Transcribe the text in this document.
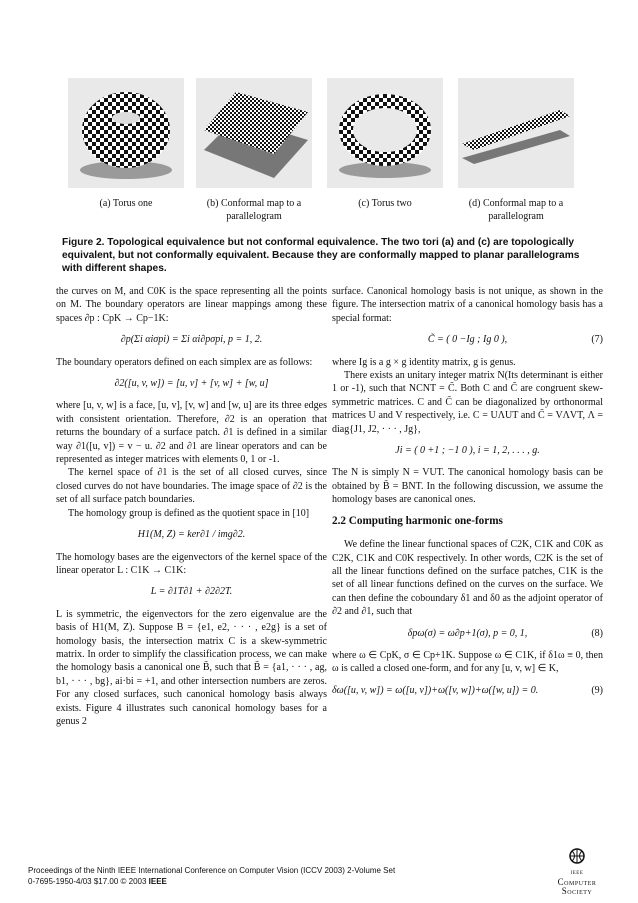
(a) Torus one	(b) Conformal map to a parallelogram
(c) Torus two	(d) Conformal map to a parallelogram
Figure 2. Topological equivalence but not conformal equivalence. The two tori (a) and (c) are topologically equivalent, but not conformally equivalent. Because they are conformally mapped to planar parallelograms with different shapes.

the curves on M, and C0K is the space representing all the points on M. The boundary operators are linear mappings among these spaces ∂p : CpK → Cp−1K:

∂p(Σi αiσpi) = Σi αi∂pσpi, p = 1, 2.

The boundary operators defined on each simplex are as follows:

∂2([u, v, w]) = [u, v] + [v, w] + [w, u]

where [u, v, w] is a face, [u, v], [v, w] and [w, u] are its three edges with consistent orientation. Therefore, ∂2 is an operation that returns the boundary of a surface patch. ∂1 is defined in a similar way ∂1([u, v]) = v − u. ∂2 and ∂1 are linear operators and can be represented as integer matrices with elements 0, 1 or -1.

The kernel space of ∂1 is the set of all closed curves, since closed curves do not have boundaries. The image space of ∂2 is the set of all surface patch boundaries.

The homology group is defined as the quotient space in [10]

H1(M, Z) = ker∂1 / img∂2.

The homology bases are the eigenvectors of the kernel space of the linear operator L : C1K → C1K:

L = ∂1T∂1 + ∂2∂2T.

L is symmetric, the eigenvectors for the zero eigenvalue are the basis of H1(M, Z). Suppose B = {e1, e2, · · · , e2g} is a set of homology basis, the intersection matrix C is a skew-symmetric matrix. In order to simplify the classification process, we can make the homology basis a canonical one B̃, such that B̃ = {a1, · · · , ag, b1, · · · , bg}, ai·bi = +1, and other intersection numbers are zeros. For any closed surfaces, such canonical homology basis always exists. Figure 4 illustrates such canonical homology bases for a genus 2

surface. Canonical homology basis is not unique, as shown in the figure. The intersection matrix of a canonical homology basis has a special format:

C̃ = ( 0 −Ig ; Ig 0 ),	(7)

where Ig is a g × g identity matrix, g is genus.

There exists an unitary integer matrix N(Its determinant is either 1 or -1), such that NCNT = C̃. Both C and C̃ are congruent skew-symmetric matrices. C and C̃ can be diagonalized by orthonormal matrices U and V respectively, i.e. C = UΛUT and C̃ = VΛVT, Λ = diag{J1, J2, · · · , Jg},

Ji = ( 0 +1 ; −1 0 ), i = 1, 2, . . . , g.

The N is simply N = VUT. The canonical homology basis can be obtained by B̃ = BNT. In the following discussion, we assume the homology bases are canonical ones.

2.2 Computing harmonic one-forms

We define the linear functional spaces of C2K, C1K and C0K as C2K, C1K and C0K respectively. In other words, C2K is the set of all the linear functions defined on the surface patches, C1K is the set of all linear functions defined on the curves on the surface. We can then define the coboundary δ1 and δ0 as the adjoint operator of ∂2 and ∂1, such that

δpω(σ) = ω∂p+1(σ), p = 0, 1,	(8)

where ω ∈ CpK, σ ∈ Cp+1K. Suppose ω ∈ C1K, if δ1ω ≡ 0, then ω is called a closed one-form, and for any [u, v, w] ∈ K,

δω([u, v, w]) = ω([u, v])+ω([v, w])+ω([w, u]) = 0.	(9)
Proceedings of the Ninth IEEE International Conference on Computer Vision (ICCV 2003) 2-Volume Set
0-7695-1950-4/03 $17.00 © 2003 IEEE
IEEE
Computer
Society
